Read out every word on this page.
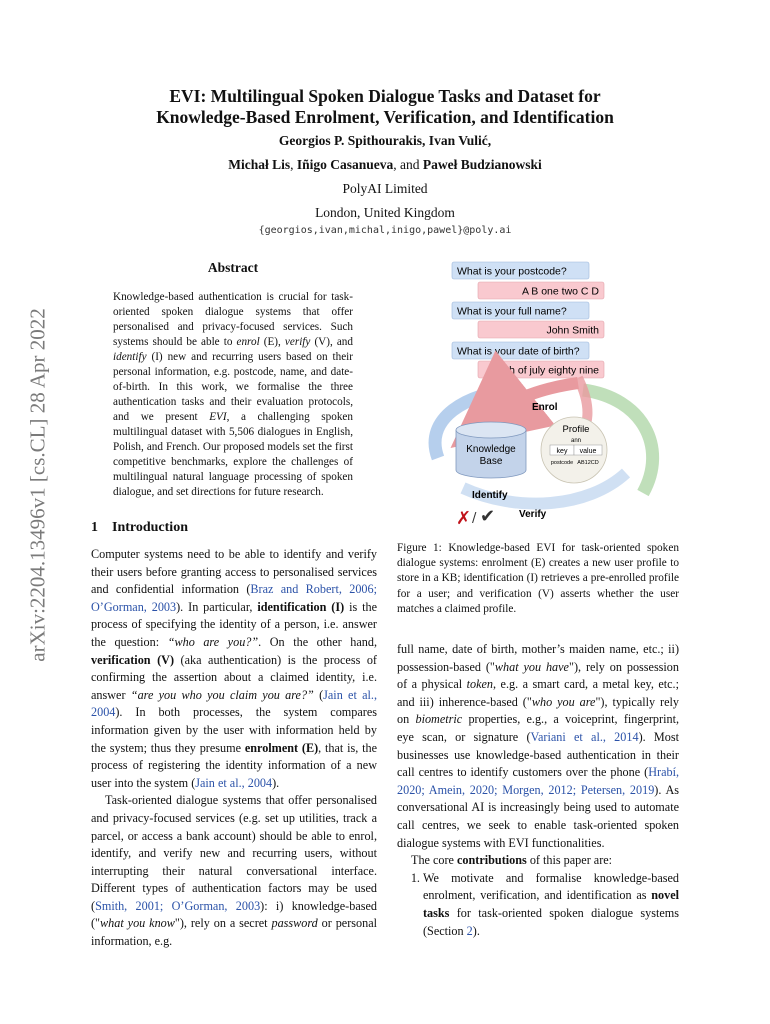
EVI: Multilingual Spoken Dialogue Tasks and Dataset for
Knowledge-Based Enrolment, Verification, and Identification
Georgios P. Spithourakis, Ivan Vulić,
Michał Lis, Iñigo Casanueva, and Paweł Budzianowski
PolyAI Limited
London, United Kingdom
{georgios,ivan,michal,inigo,pawel}@poly.ai
arXiv:2204.13496v1 [cs.CL] 28 Apr 2022
Abstract

Knowledge-based authentication is crucial for task-oriented spoken dialogue systems that offer personalised and privacy-focused services. Such systems should be able to enrol (E), verify (V), and identify (I) new and recurring users based on their personal information, e.g. postcode, name, and date-of-birth. In this work, we formalise the three authentication tasks and their evaluation protocols, and we present EVI, a challenging spoken multilingual dataset with 5,506 dialogues in English, Polish, and French. Our proposed models set the first competitive benchmarks, explore the challenges of multilingual natural language processing of spoken dialogue, and set directions for future research.

1 Introduction

Computer systems need to be able to identify and verify their users before granting access to personalised services and confidential information (Braz and Robert, 2006; O’Gorman, 2003). In particular, identification (I) is the process of specifying the identity of a person, i.e. answer the question: “who are you?”. On the other hand, verification (V) (aka authentication) is the process of confirming the assertion about a claimed identity, i.e. answer “are you who you claim you are?” (Jain et al., 2004). In both processes, the system compares information given by the user with information held by the system; thus they presume enrolment (E), that is, the process of registering the identity information of a new user into the system (Jain et al., 2004).

Task-oriented dialogue systems that offer personalised and privacy-focused services (e.g. set up utilities, track a parcel, or access a bank account) should be able to enrol, identify, and verify new and recurring users, without interrupting their natural conversational interface. Different types of authentication factors may be used (Smith, 2001; O’Gorman, 2003): i) knowledge-based ("what you know"), rely on a secret password or personal information, e.g.

What is your postcode?
A B one two C D
What is your full name?
John Smith
What is your date of birth?
fourth of july eighty nine
Enrol
Knowledge
Base
Profile
ann
key value
postcode AB12CD
Identify
✗ / ✔ Verify

Figure 1: Knowledge-based EVI for task-oriented spoken dialogue systems: enrolment (E) creates a new user profile to store in a KB; identification (I) retrieves a pre-enrolled profile for a user; and verification (V) asserts whether the user matches a claimed profile.

full name, date of birth, mother’s maiden name, etc.; ii) possession-based ("what you have"), rely on possession of a physical token, e.g. a smart card, a metal key, etc.; and iii) inherence-based ("who you are"), typically rely on biometric properties, e.g., a voiceprint, fingerprint, eye scan, or signature (Variani et al., 2014). Most businesses use knowledge-based authentication in their call centres to identify customers over the phone (Hrabí, 2020; Amein, 2020; Morgen, 2012; Petersen, 2019). As conversational AI is increasingly being used to automate call centres, we seek to enable task-oriented spoken dialogue systems with EVI functionalities.

The core contributions of this paper are:

1. We motivate and formalise knowledge-based enrolment, verification, and identification as novel tasks for task-oriented spoken dialogue systems (Section 2).
